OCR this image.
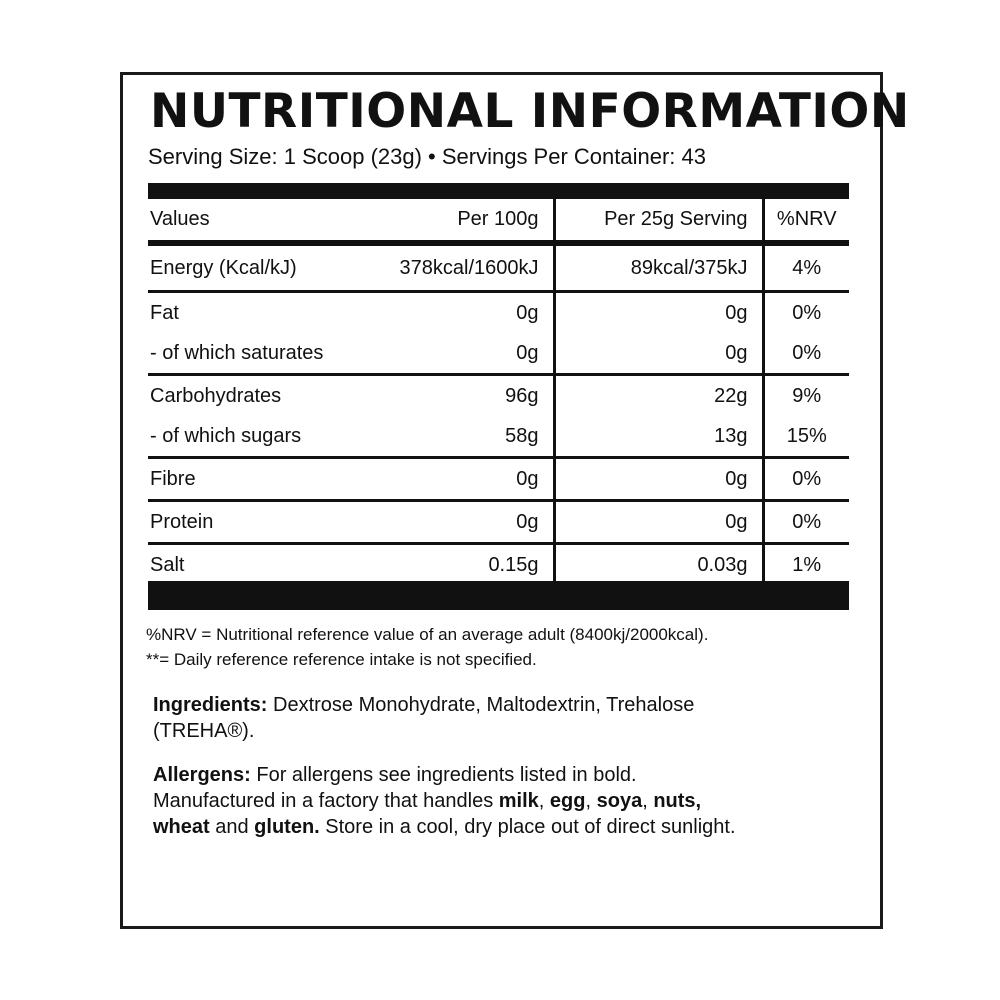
NUTRITIONAL INFORMATION
Serving Size: 1 Scoop (23g) • Servings Per Container: 43
Values Per 100g	Per 25g Serving	%NRV

Energy (Kcal/kJ) 378kcal/1600kJ	89kcal/375kJ	4%

Fat 0g	0g	0%

- of which saturates 0g	0g	0%

Carbohydrates 96g	22g	9%

- of which sugars 58g	13g	15%

Fibre 0g	0g	0%

Protein 0g	0g	0%

Salt 0.15g	0.03g	1%

%NRV = Nutritional reference value of an average adult (8400kj/2000kcal).

**= Daily reference reference intake is not specified.

Ingredients: Dextrose Monohydrate, Maltodextrin, Trehalose
(TREHA®).

Allergens: For allergens see ingredients listed in bold.
Manufactured in a factory that handles milk, egg, soya, nuts,
wheat and gluten. Store in a cool, dry place out of direct sunlight.
